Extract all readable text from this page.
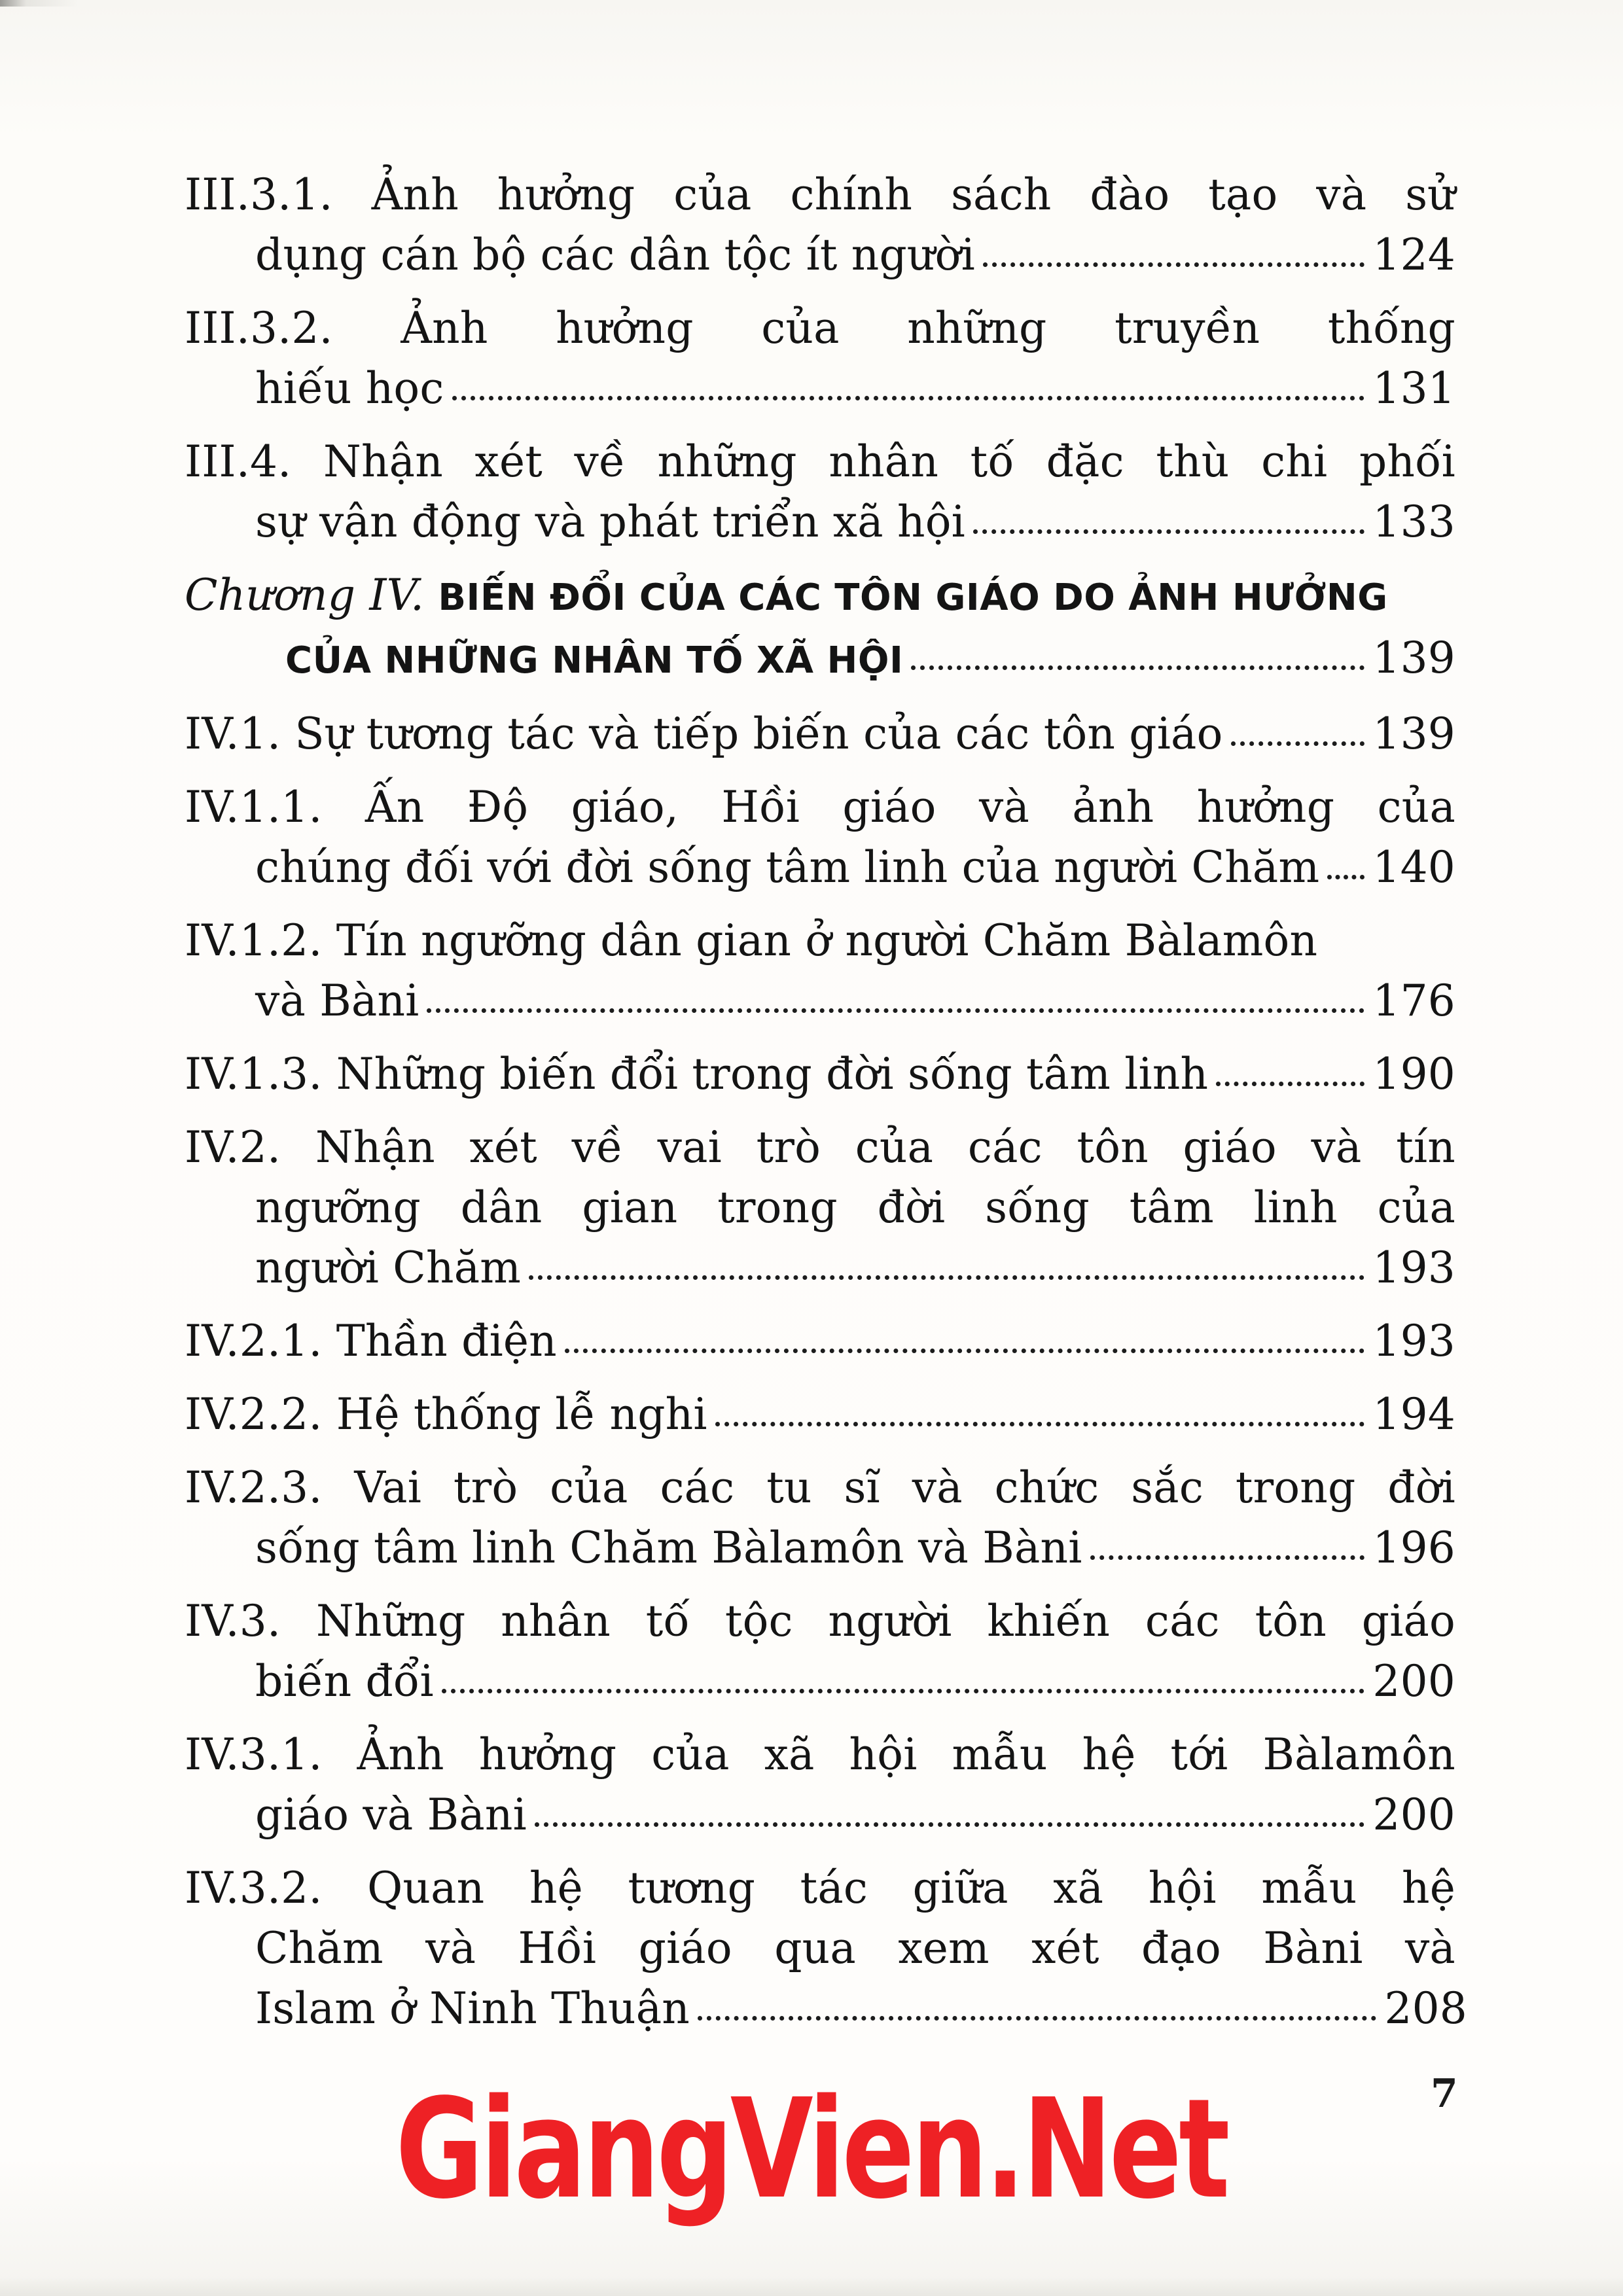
III.3.1. Ảnh hưởng của chính sách đào tạo và sử
dụng cán bộ các dân tộc ít người	124
III.3.2. Ảnh hưởng của những truyền thống
hiếu học	131
III.4. Nhận xét về những nhân tố đặc thù chi phối
sự vận động và phát triển xã hội	133
Chương IV. BIẾN ĐỔI CỦA CÁC TÔN GIÁO DO ẢNH HƯỞNG
CỦA NHỮNG NHÂN TỐ XÃ HỘI	139
IV.1. Sự tương tác và tiếp biến của các tôn giáo	139
IV.1.1. Ấn Độ giáo, Hồi giáo và ảnh hưởng của
chúng đối với đời sống tâm linh của người Chăm 140
IV.1.2. Tín ngưỡng dân gian ở người Chăm Bàlamôn
và Bàni	176
IV.1.3. Những biến đổi trong đời sống tâm linh	190
IV.2. Nhận xét về vai trò của các tôn giáo và tín
ngưỡng dân gian trong đời sống tâm linh của
người Chăm	193
IV.2.1. Thần điện	193
IV.2.2. Hệ thống lễ nghi	194
IV.2.3. Vai trò của các tu sĩ và chức sắc trong đời
sống tâm linh Chăm Bàlamôn và Bàni	196
IV.3. Những nhân tố tộc người khiến các tôn giáo
biến đổi	200
IV.3.1. Ảnh hưởng của xã hội mẫu hệ tới Bàlamôn
giáo và Bàni	200
IV.3.2. Quan hệ tương tác giữa xã hội mẫu hệ
Chăm và Hồi giáo qua xem xét đạo Bàni và
Islam ở Ninh Thuận	208
GiangVien.Net	7
